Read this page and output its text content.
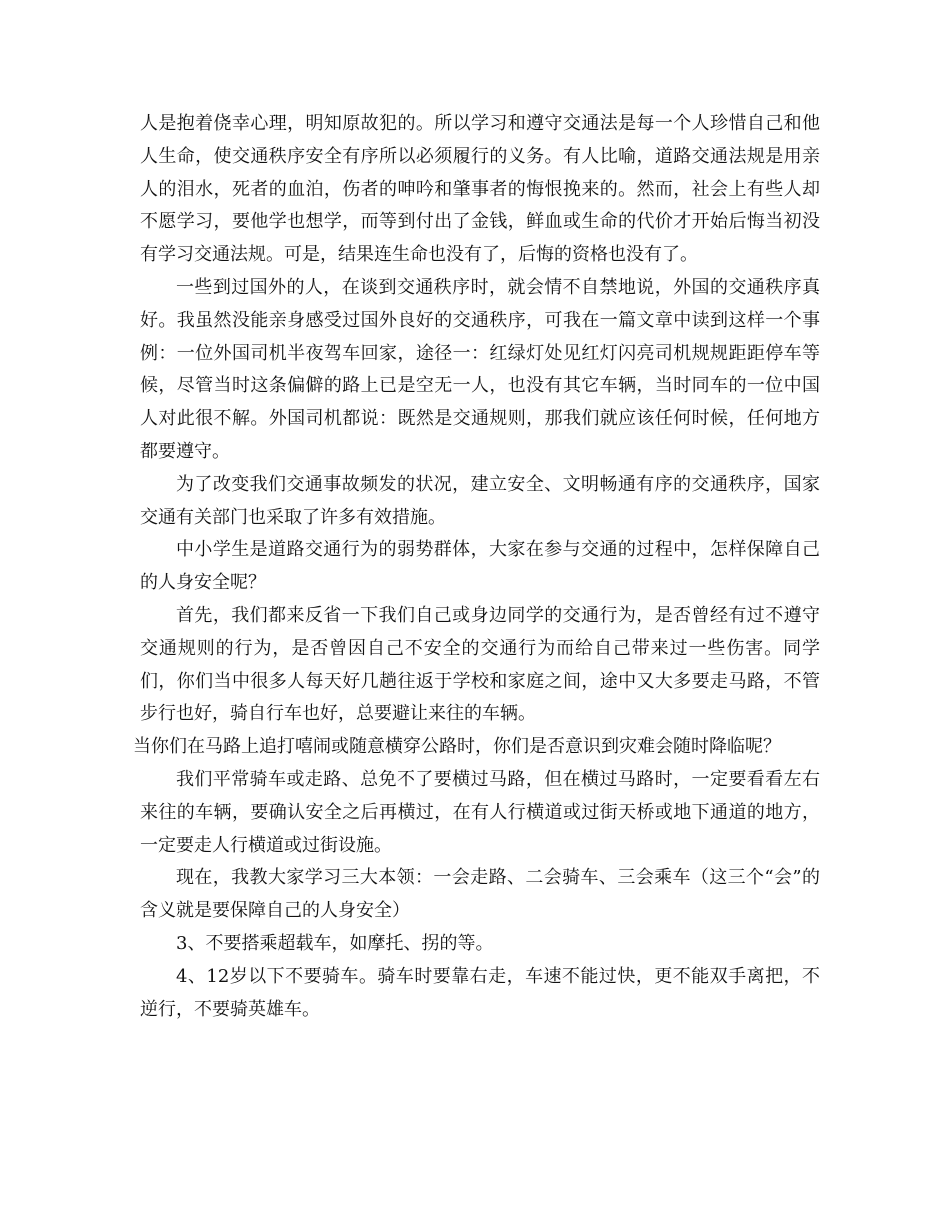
人是抱着侥幸心理，明知原故犯的。所以学习和遵守交通法是每一个人珍惜自己和他人生命，使交通秩序安全有序所以必须履行的义务。有人比喻，道路交通法规是用亲人的泪水，死者的血泊，伤者的呻吟和肇事者的悔恨挽来的。然而，社会上有些人却不愿学习，要他学也想学，而等到付出了金钱，鲜血或生命的代价才开始后悔当初没有学习交通法规。可是，结果连生命也没有了，后悔的资格也没有了。

一些到过国外的人，在谈到交通秩序时，就会情不自禁地说，外国的交通秩序真好。我虽然没能亲身感受过国外良好的交通秩序，可我在一篇文章中读到这样一个事例：一位外国司机半夜驾车回家，途径一：红绿灯处见红灯闪亮司机规规距距停车等候，尽管当时这条偏僻的路上已是空无一人，也没有其它车辆，当时同车的一位中国人对此很不解。外国司机都说：既然是交通规则，那我们就应该任何时候，任何地方都要遵守。

为了改变我们交通事故频发的状况，建立安全、文明畅通有序的交通秩序，国家交通有关部门也采取了许多有效措施。

中小学生是道路交通行为的弱势群体，大家在参与交通的过程中，怎样保障自己的人身安全呢？

首先，我们都来反省一下我们自己或身边同学的交通行为，是否曾经有过不遵守交通规则的行为，是否曾因自己不安全的交通行为而给自己带来过一些伤害。同学们，你们当中很多人每天好几趟往返于学校和家庭之间，途中又大多要走马路，不管步行也好，骑自行车也好，总要避让来往的车辆。

当你们在马路上追打嘻闹或随意横穿公路时，你们是否意识到灾难会随时降临呢？

我们平常骑车或走路、总免不了要横过马路，但在横过马路时，一定要看看左右来往的车辆，要确认安全之后再横过，在有人行横道或过街天桥或地下通道的地方，一定要走人行横道或过街设施。

现在，我教大家学习三大本领：一会走路、二会骑车、三会乘车（这三个“会”的含义就是要保障自己的人身安全）

3、不要搭乘超载车，如摩托、拐的等。

4、12岁以下不要骑车。骑车时要靠右走，车速不能过快，更不能双手离把，不逆行，不要骑英雄车。
